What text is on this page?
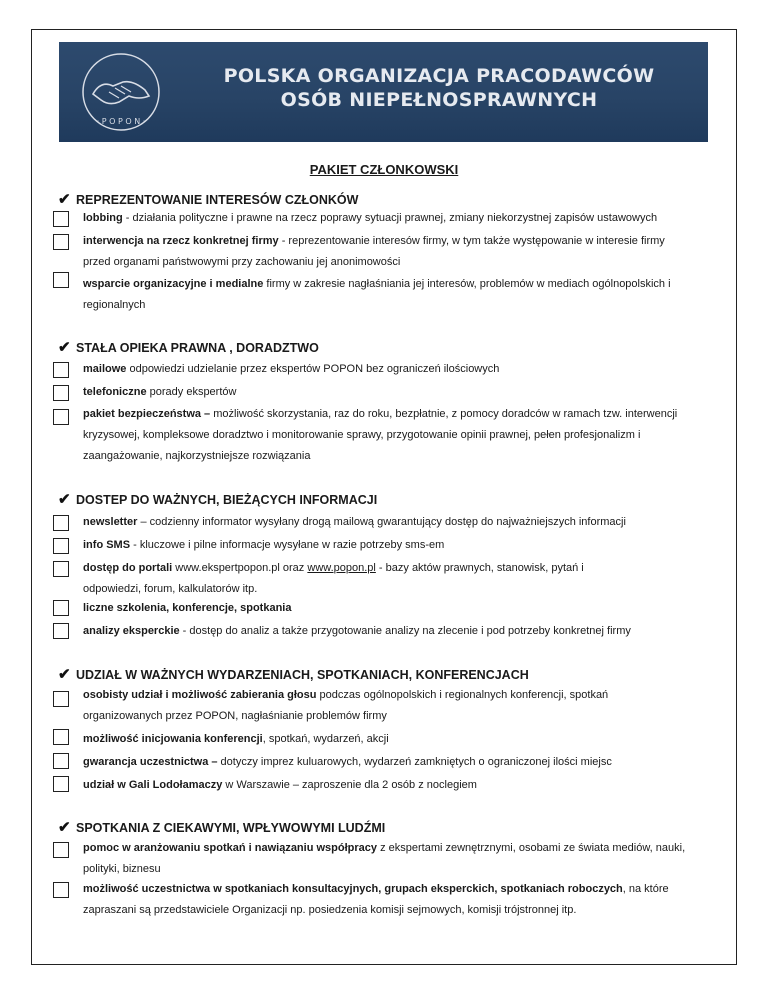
· P O P O N ·
POLSKA ORGANIZACJA PRACODAWCÓW
OSÓB NIEPEŁNOSPRAWNYCH
PAKIET CZŁONKOWSKI
✔ REPREZENTOWANIE INTERESÓW CZŁONKÓW
lobbing - działania polityczne i prawne na rzecz poprawy sytuacji prawnej, zmiany niekorzystnej zapisów ustawowych
interwencja na rzecz konkretnej firmy - reprezentowanie interesów firmy, w tym także występowanie w interesie firmy
przed organami państwowymi przy zachowaniu jej anonimowości
wsparcie organizacyjne i medialne firmy w zakresie nagłaśniania jej interesów, problemów w mediach ogólnopolskich i
regionalnych
✔ STAŁA OPIEKA PRAWNA , DORADZTWO
mailowe odpowiedzi udzielanie przez ekspertów POPON bez ograniczeń ilościowych
telefoniczne porady ekspertów
pakiet bezpieczeństwa – możliwość skorzystania, raz do roku, bezpłatnie, z pomocy doradców w ramach tzw. interwencji
kryzysowej, kompleksowe doradztwo i monitorowanie sprawy, przygotowanie opinii prawnej, pełen profesjonalizm i
zaangażowanie, najkorzystniejsze rozwiązania
✔ DOSTEP DO WAŻNYCH, BIEŻĄCYCH INFORMACJI
newsletter – codzienny informator wysyłany drogą mailową gwarantujący dostęp do najważniejszych informacji
info SMS - kluczowe i pilne informacje wysyłane w razie potrzeby sms-em
dostęp do portali www.ekspertpopon.pl oraz www.popon.pl - bazy aktów prawnych, stanowisk, pytań i
odpowiedzi, forum, kalkulatorów itp.
liczne szkolenia, konferencje, spotkania
analizy eksperckie - dostęp do analiz a także przygotowanie analizy na zlecenie i pod potrzeby konkretnej firmy
✔ UDZIAŁ W WAŻNYCH WYDARZENIACH, SPOTKANIACH, KONFERENCJACH
osobisty udział i możliwość zabierania głosu podczas ogólnopolskich i regionalnych konferencji, spotkań
organizowanych przez POPON, nagłaśnianie problemów firmy
możliwość inicjowania konferencji, spotkań, wydarzeń, akcji
gwarancja uczestnictwa – dotyczy imprez kuluarowych, wydarzeń zamkniętych o ograniczonej ilości miejsc
udział w Gali Lodołamaczy w Warszawie – zaproszenie dla 2 osób z noclegiem
✔ SPOTKANIA Z CIEKAWYMI, WPŁYWOWYMI LUDŹMI
pomoc w aranżowaniu spotkań i nawiązaniu współpracy z ekspertami zewnętrznymi, osobami ze świata mediów, nauki,
polityki, biznesu
możliwość uczestnictwa w spotkaniach konsultacyjnych, grupach eksperckich, spotkaniach roboczych, na które
zapraszani są przedstawiciele Organizacji np. posiedzenia komisji sejmowych, komisji trójstronnej itp.
